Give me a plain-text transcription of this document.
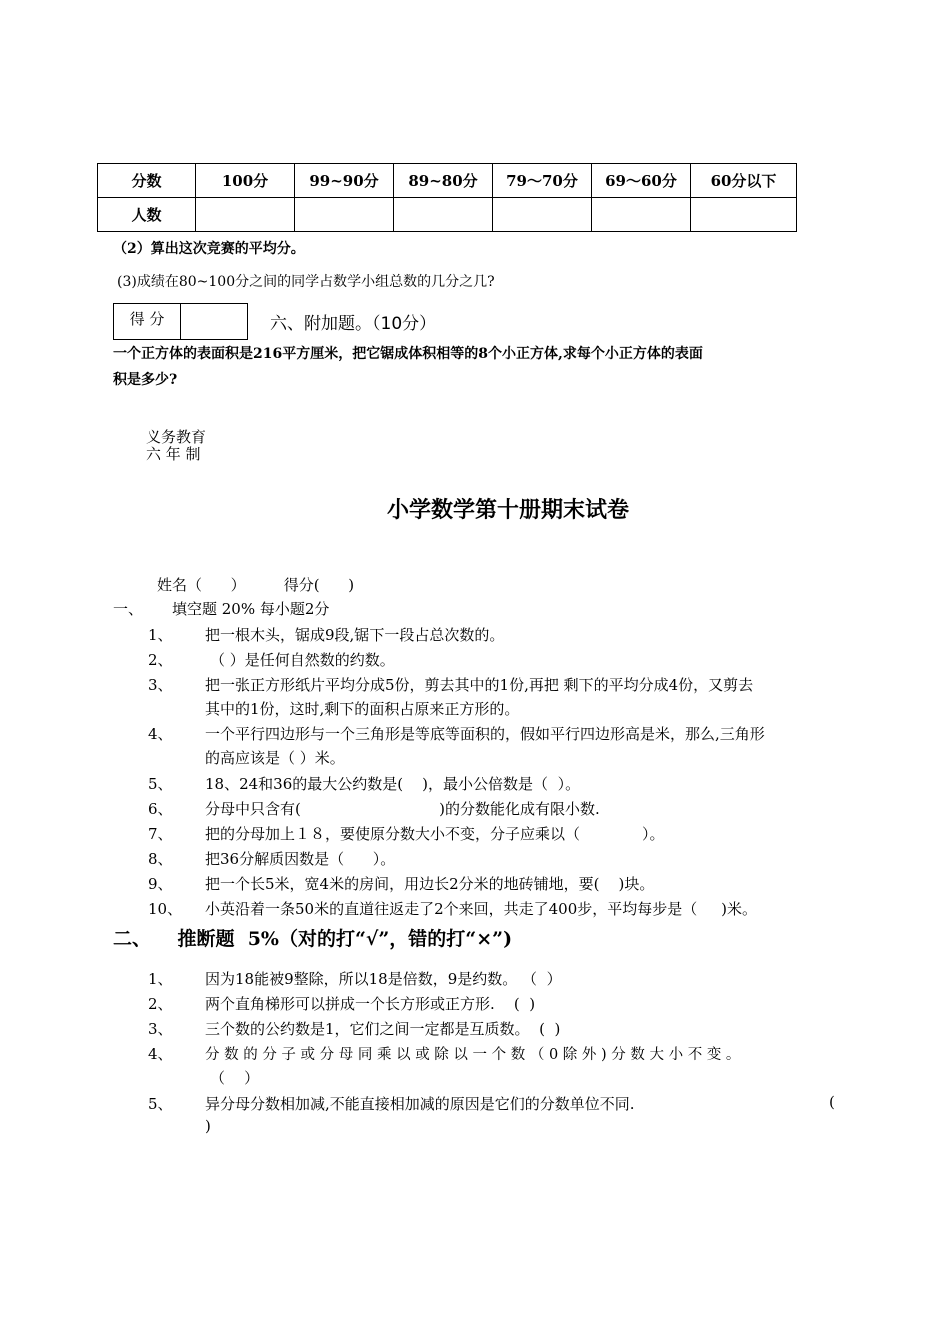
分数	100分	99~90分	89~80分	79～70分	69～60分	60分以下
人数						
（2）算出这次竞赛的平均分。
(3)成绩在80~100分之间的同学占数学小组总数的几分之几?
得 分	六、附加题。（10分）
一个正方体的表面积是216平方厘米，把它锯成体积相等的8个小正方体,求每个小正方体的表面
积是多少?
义务教育
六 年 制
小学数学第十册期末试卷
姓名（      ）        得分(      )
一、 填空题 20% 每小题2分
1、 把一根木头，锯成9段,锯下一段占总次数的。
2、 （ ）是任何自然数的约数。
3、 把一张正方形纸片平均分成5份，剪去其中的1份,再把 剩下的平均分成4份，又剪去
其中的1份，这时,剩下的面积占原来正方形的。
4、 一个平行四边形与一个三角形是等底等面积的，假如平行四边形高是米，那么,三角形
的高应该是（ ）米。
5、 18、24和36的最大公约数是(    )，最小公倍数是（  ）。
6、 分母中只含有(                             )的分数能化成有限小数.
7、 把的分母加上１８，要使原分数大小不变，分子应乘以（             ）。
8、 把36分解质因数是（      ）。
9、 把一个长5米，宽4米的房间，用边长2分米的地砖铺地，要(    )块。
10、 小英沿着一条50米的直道往返走了2个来回，共走了400步，平均每步是（     )米。
二、    推断题  5%（对的打“√”，错的打“×”)
1、 因为18能被9整除，所以18是倍数，9是约数。 （  ）
2、 两个直角梯形可以拼成一个长方形或正方形.    (  )
3、 三个数的公约数是1，它们之间一定都是互质数。  (  )
4、 分 数 的 分 子 或 分 母 同 乘 以 或 除 以 一 个 数 （ 0 除 外 ) 分 数 大 小 不 变 。
（    ）
5、 异分母分数相加减,不能直接相加减的原因是它们的分数单位不同.	(
)
